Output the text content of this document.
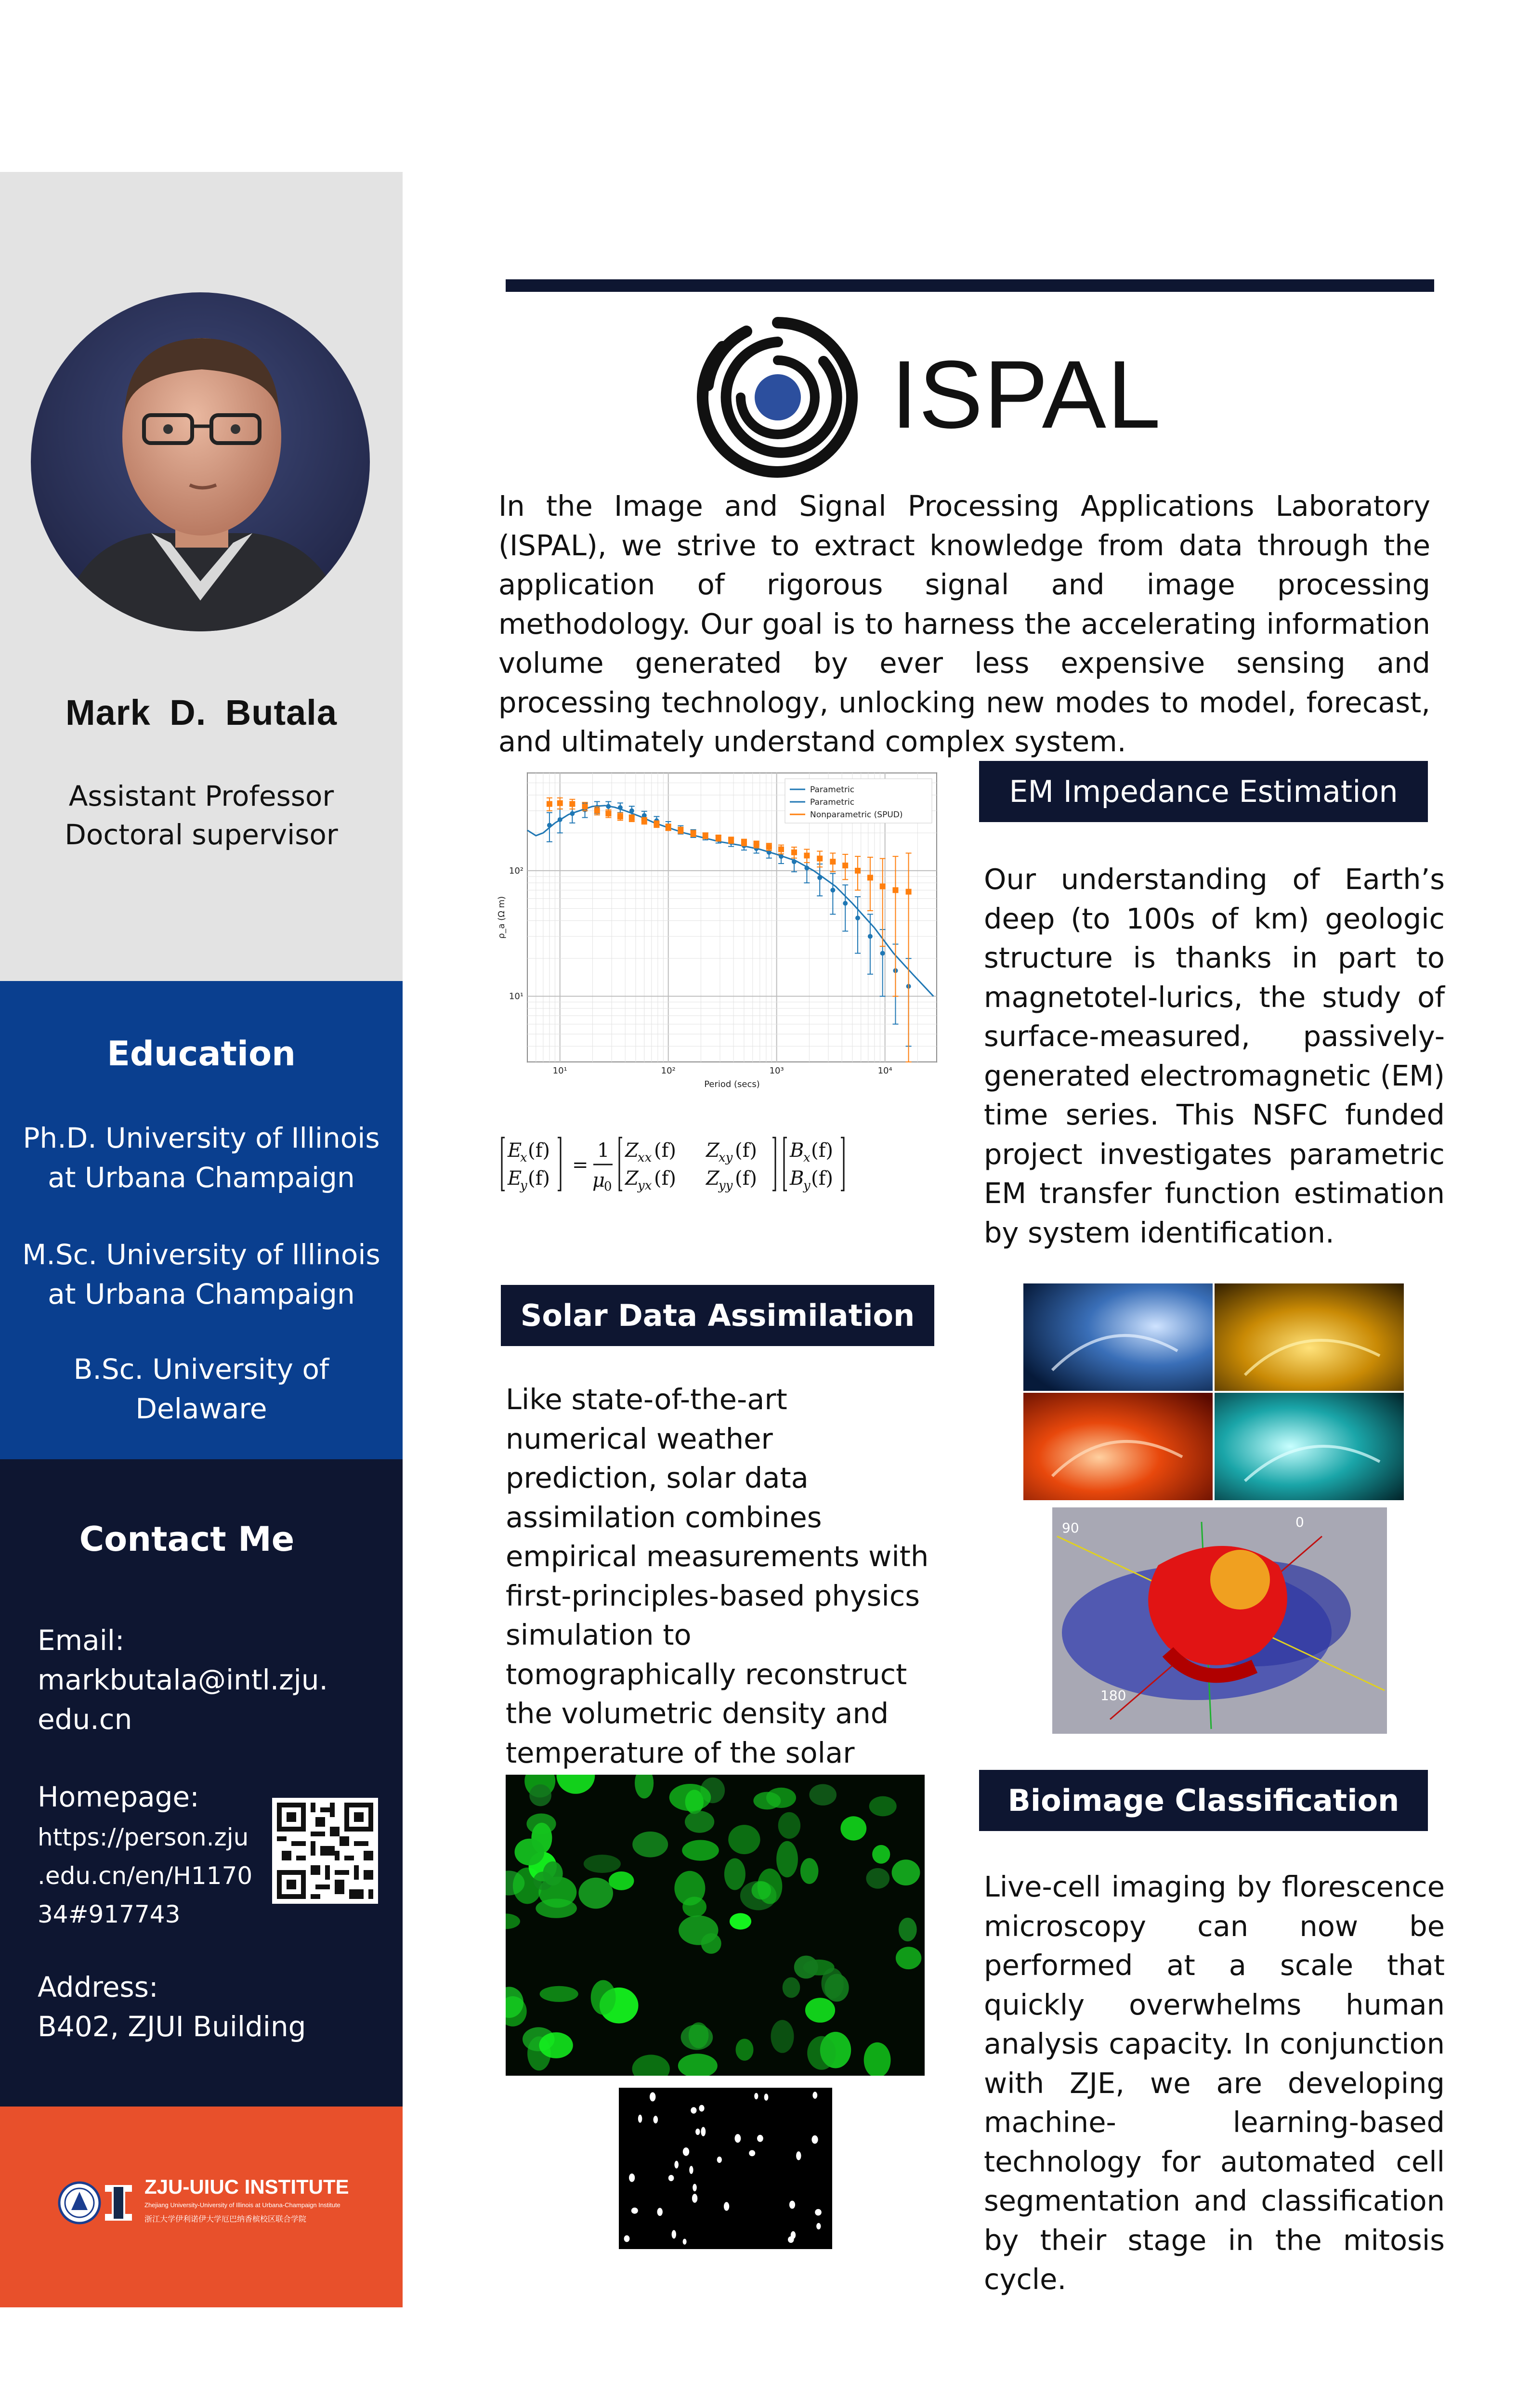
Mark D. Butala
Assistant Professor
Doctoral supervisor
Education
Ph.D. University of Illinois
at Urbana Champaign
M.Sc. University of Illinois
at Urbana Champaign
B.Sc. University of
Delaware
Contact Me
Email:
markbutala@intl.zju.
edu.cn
Homepage:
https://person.zju
.edu.cn/en/H1170
34#917743
Address:
B402, ZJUI Building
ZJU-UIUC INSTITUTE
Zhejiang University-University of Illinois at Urbana-Champaign Institute
浙江大学伊利诺伊大学厄巴纳香槟校区联合学院
ISPAL
In the Image and Signal Processing Applications Laboratory (ISPAL), we strive to extract knowledge from data through the application of rigorous signal and image processing methodology. Our goal is to harness the accelerating information volume generated by ever less expensive sensing and processing technology, unlocking new modes to model, forecast, and ultimately understand complex system.
10¹	10²	10³	10⁴
10¹
10²
Period (secs)
ρ_a (Ω m)
Parametric
Parametric
Nonparametric (SPUD)
E
x (f)
E
y (f)
=
1
μ
0
Z
xx (f) Z
xy (f)
Z
yx (f) Z
yy (f)
B
x (f)
B
y (f)
EM Impedance Estimation
Our understanding of Earth’s deep (to 100s of km) geologic structure is thanks in part to magnetotel-lurics, the study of surface-measured, passively-generated electromagnetic (EM) time series. This NSFC funded project investigates parametric EM transfer function estimation by system identification.
Solar Data Assimilation
Like state-of-the-art numerical weather prediction, solar data assimilation combines empirical measurements with first-principles-based physics simulation to tomographically reconstruct the volumetric density and temperature of the solar
90	0
180
Bioimage Classification
Live-cell imaging by florescence microscopy can now be performed at a scale that quickly overwhelms human analysis capacity. In conjunction with ZJE, we are developing machine- learning-based technology for automated cell segmentation and classification by their stage in the mitosis cycle.
